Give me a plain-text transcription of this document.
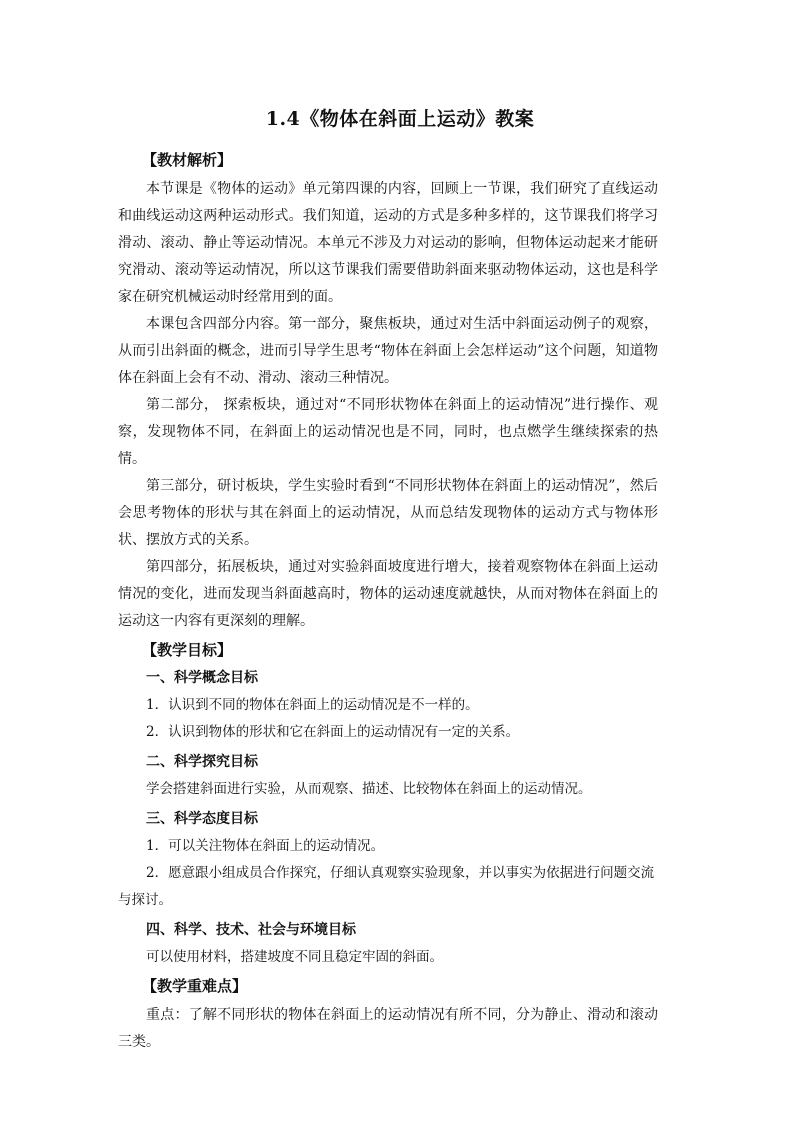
1.4《物体在斜面上运动》教案
【教材解析】

本节课是《物体的运动》单元第四课的内容，回顾上一节课，我们研究了直线运动和曲线运动这两种运动形式。我们知道，运动的方式是多种多样的，这节课我们将学习滑动、滚动、静止等运动情况。本单元不涉及力对运动的影响，但物体运动起来才能研究滑动、滚动等运动情况，所以这节课我们需要借助斜面来驱动物体运动，这也是科学家在研究机械运动时经常用到的面。

本课包含四部分内容。第一部分，聚焦板块，通过对生活中斜面运动例子的观察，从而引出斜面的概念，进而引导学生思考“物体在斜面上会怎样运动”这个问题，知道物体在斜面上会有不动、滑动、滚动三种情况。

第二部分， 探索板块，通过对“不同形状物体在斜面上的运动情况”进行操作、观察，发现物体不同，在斜面上的运动情况也是不同，同时，也点燃学生继续探索的热情。

第三部分，研讨板块，学生实验时看到“不同形状物体在斜面上的运动情况”，然后会思考物体的形状与其在斜面上的运动情况，从而总结发现物体的运动方式与物体形状、摆放方式的关系。

第四部分，拓展板块，通过对实验斜面坡度进行增大，接着观察物体在斜面上运动情况的变化，进而发现当斜面越高时，物体的运动速度就越快，从而对物体在斜面上的运动这一内容有更深刻的理解。

【教学目标】
一、科学概念目标

1．认识到不同的物体在斜面上的运动情况是不一样的。

2．认识到物体的形状和它在斜面上的运动情况有一定的关系。

二、科学探究目标

学会搭建斜面进行实验，从而观察、描述、比较物体在斜面上的运动情况。

三、科学态度目标

1．可以关注物体在斜面上的运动情况。

2．愿意跟小组成员合作探究，仔细认真观察实验现象，并以事实为依据进行问题交流与探讨。

四、科学、技术、社会与环境目标

可以使用材料，搭建坡度不同且稳定牢固的斜面。

【教学重难点】

重点：了解不同形状的物体在斜面上的运动情况有所不同，分为静止、滑动和滚动三类。
